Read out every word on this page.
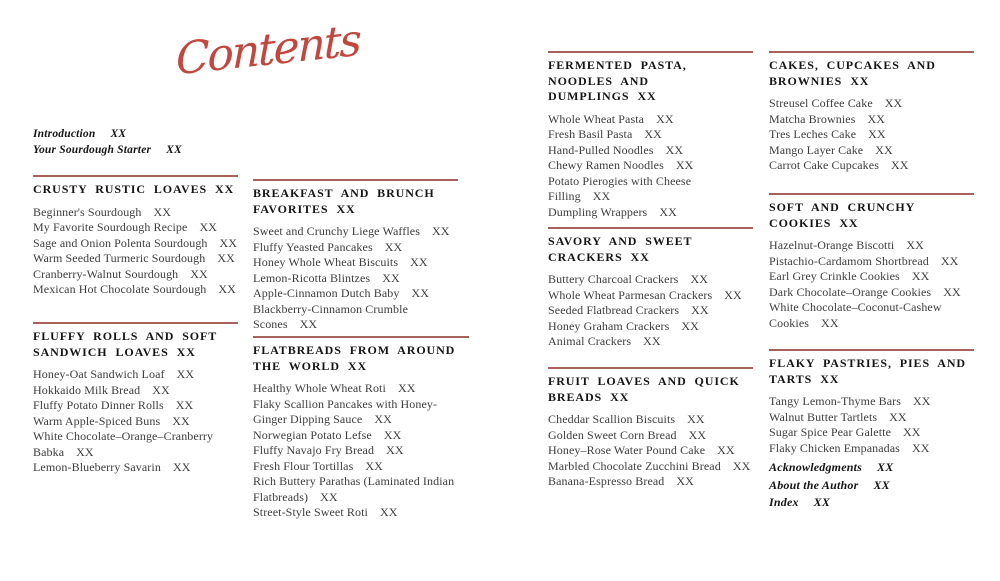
Contents
Introduction XX
Your Sourdough Starter XX
CRUSTY RUSTIC LOAVES XX
Beginner's Sourdough XX
My Favorite Sourdough Recipe XX
Sage and Onion Polenta Sourdough XX
Warm Seeded Turmeric Sourdough XX
Cranberry-Walnut Sourdough XX
Mexican Hot Chocolate Sourdough XX
FLUFFY ROLLS AND SOFT SANDWICH LOAVES XX
Honey-Oat Sandwich Loaf XX
Hokkaido Milk Bread XX
Fluffy Potato Dinner Rolls XX
Warm Apple-Spiced Buns XX
White Chocolate–Orange–Cranberry Babka XX
Lemon-Blueberry Savarin XX
BREAKFAST AND BRUNCH FAVORITES XX
Sweet and Crunchy Liege Waffles XX
Fluffy Yeasted Pancakes XX
Honey Whole Wheat Biscuits XX
Lemon-Ricotta Blintzes XX
Apple-Cinnamon Dutch Baby XX
Blackberry-Cinnamon Crumble Scones XX
FLATBREADS FROM AROUND THE WORLD XX
Healthy Whole Wheat Roti XX
Flaky Scallion Pancakes with Honey-Ginger Dipping Sauce XX
Norwegian Potato Lefse XX
Fluffy Navajo Fry Bread XX
Fresh Flour Tortillas XX
Rich Buttery Parathas (Laminated Indian Flatbreads) XX
Street-Style Sweet Roti XX
FERMENTED PASTA, NOODLES AND DUMPLINGS XX
Whole Wheat Pasta XX
Fresh Basil Pasta XX
Hand-Pulled Noodles XX
Chewy Ramen Noodles XX
Potato Pierogies with Cheese Filling XX
Dumpling Wrappers XX
SAVORY AND SWEET CRACKERS XX
Buttery Charcoal Crackers XX
Whole Wheat Parmesan Crackers XX
Seeded Flatbread Crackers XX
Honey Graham Crackers XX
Animal Crackers XX
FRUIT LOAVES AND QUICK BREADS XX
Cheddar Scallion Biscuits XX
Golden Sweet Corn Bread XX
Honey–Rose Water Pound Cake XX
Marbled Chocolate Zucchini Bread XX
Banana-Espresso Bread XX
CAKES, CUPCAKES AND BROWNIES XX
Streusel Coffee Cake XX
Matcha Brownies XX
Tres Leches Cake XX
Mango Layer Cake XX
Carrot Cake Cupcakes XX
SOFT AND CRUNCHY COOKIES XX
Hazelnut-Orange Biscotti XX
Pistachio-Cardamom Shortbread XX
Earl Grey Crinkle Cookies XX
Dark Chocolate–Orange Cookies XX
White Chocolate–Coconut-Cashew Cookies XX
FLAKY PASTRIES, PIES AND TARTS XX
Tangy Lemon-Thyme Bars XX
Walnut Butter Tartlets XX
Sugar Spice Pear Galette XX
Flaky Chicken Empanadas XX
Acknowledgments XX
About the Author XX
Index XX
